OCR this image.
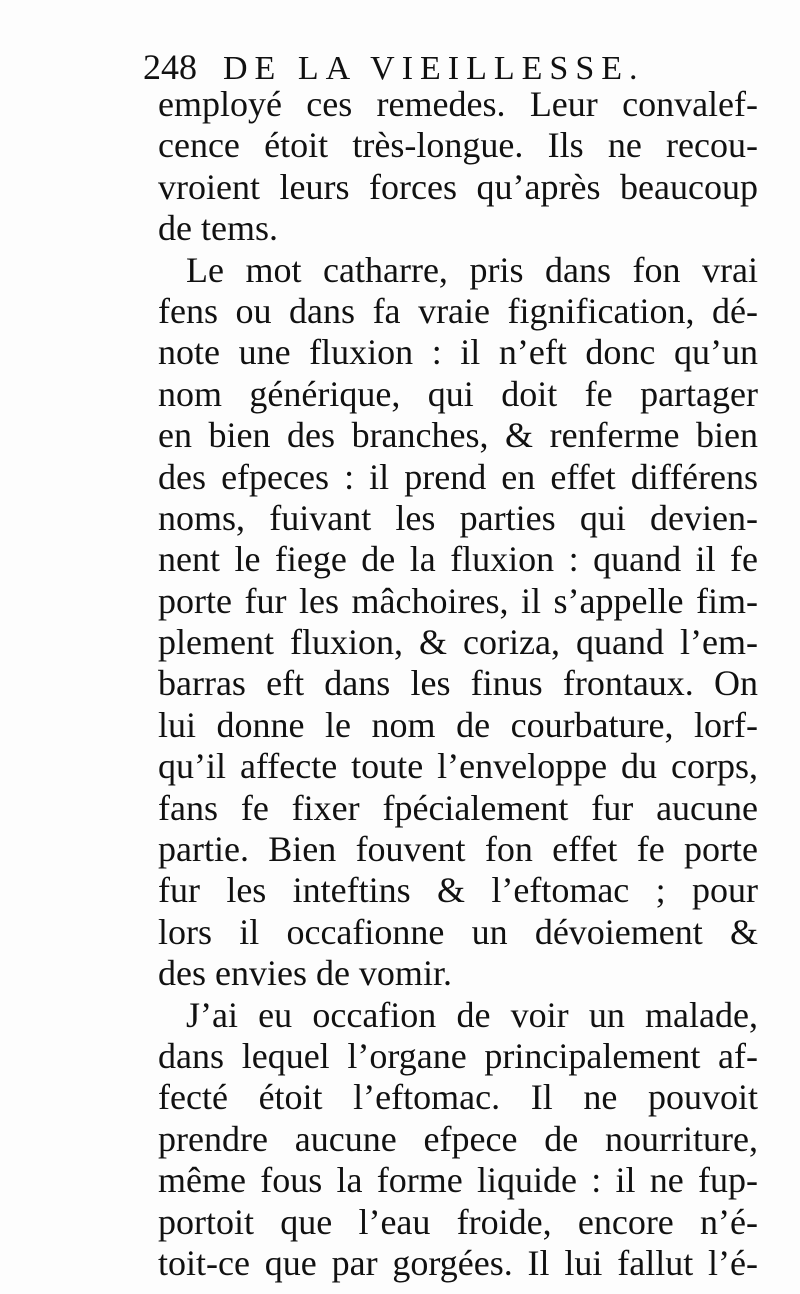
248 DE LA VIEILLESSE.
employé ces remedes. Leur convalef-
cence étoit très-longue. Ils ne recou-
vroient leurs forces qu’après beaucoup
de tems.
Le mot catharre, pris dans fon vrai
fens ou dans fa vraie fignification, dé-
note une fluxion : il n’eft donc qu’un
nom générique, qui doit fe partager
en bien des branches, & renferme bien
des efpeces : il prend en effet différens
noms, fuivant les parties qui devien-
nent le fiege de la fluxion : quand il fe
porte fur les mâchoires, il s’appelle fim-
plement fluxion, & coriza, quand l’em-
barras eft dans les finus frontaux. On
lui donne le nom de courbature, lorf-
qu’il affecte toute l’enveloppe du corps,
fans fe fixer fpécialement fur aucune
partie. Bien fouvent fon effet fe porte
fur les inteftins & l’eftomac ; pour
lors il occafionne un dévoiement &
des envies de vomir.
J’ai eu occafion de voir un malade,
dans lequel l’organe principalement af-
fecté étoit l’eftomac. Il ne pouvoit
prendre aucune efpece de nourriture,
même fous la forme liquide : il ne fup-
portoit que l’eau froide, encore n’é-
toit-ce que par gorgées. Il lui fallut l’é-
